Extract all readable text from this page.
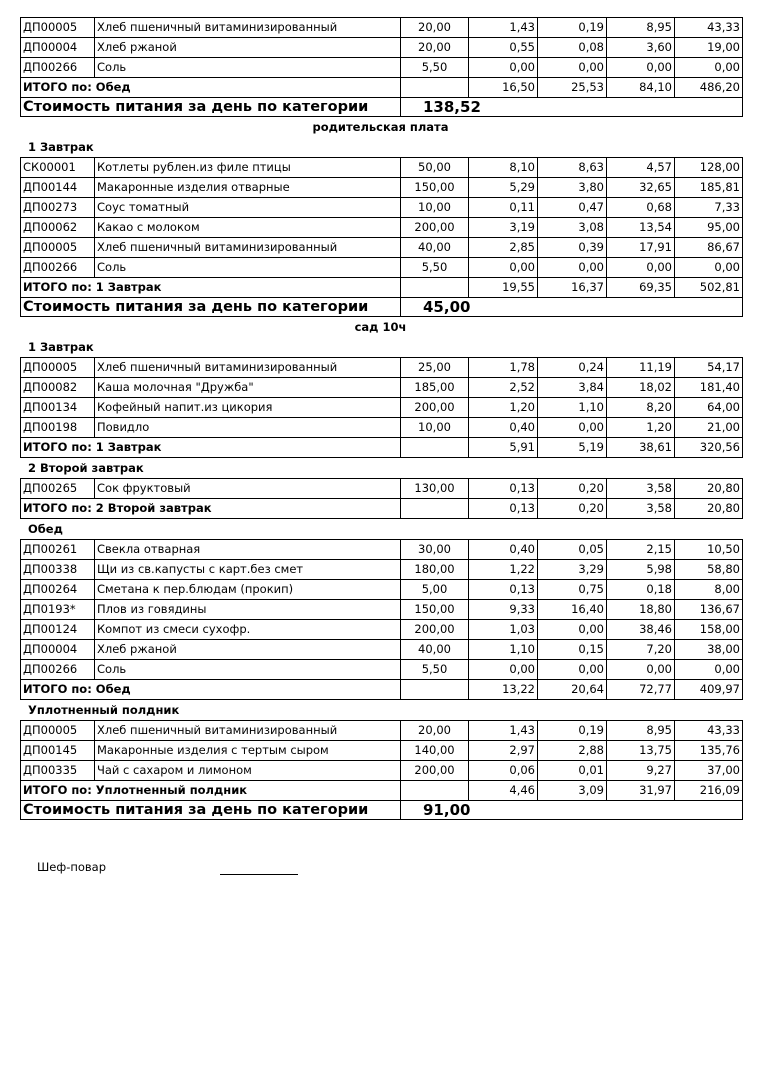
ДП00005	Хлеб пшеничный витаминизированный	20,00	1,43	0,19	8,95	43,33
ДП00004	Хлеб ржаной	20,00	0,55	0,08	3,60	19,00
ДП00266	Соль	5,50	0,00	0,00	0,00	0,00
ИТОГО по: Обед			16,50	25,53	84,10	486,20
Стоимость питания за день по категории		138,52				
родительская плата
1 Завтрак
СК00001	Котлеты рублен.из филе птицы	50,00	8,10	8,63	4,57	128,00
ДП00144	Макаронные изделия отварные	150,00	5,29	3,80	32,65	185,81
ДП00273	Соус томатный	10,00	0,11	0,47	0,68	7,33
ДП00062	Какао с молоком	200,00	3,19	3,08	13,54	95,00
ДП00005	Хлеб пшеничный витаминизированный	40,00	2,85	0,39	17,91	86,67
ДП00266	Соль	5,50	0,00	0,00	0,00	0,00
ИТОГО по: 1 Завтрак			19,55	16,37	69,35	502,81
Стоимость питания за день по категории		45,00				
сад 10ч
1 Завтрак
ДП00005	Хлеб пшеничный витаминизированный	25,00	1,78	0,24	11,19	54,17
ДП00082	Каша молочная "Дружба"	185,00	2,52	3,84	18,02	181,40
ДП00134	Кофейный напит.из цикория	200,00	1,20	1,10	8,20	64,00
ДП00198	Повидло	10,00	0,40	0,00	1,20	21,00
ИТОГО по: 1 Завтрак			5,91	5,19	38,61	320,56
2 Второй завтрак
ДП00265	Сок фруктовый	130,00	0,13	0,20	3,58	20,80
ИТОГО по: 2 Второй завтрак			0,13	0,20	3,58	20,80
Обед
ДП00261	Свекла отварная	30,00	0,40	0,05	2,15	10,50
ДП00338	Щи из св.капусты с карт.без смет	180,00	1,22	3,29	5,98	58,80
ДП00264	Сметана к пер.блюдам (прокип)	5,00	0,13	0,75	0,18	8,00
ДП0193*	Плов из говядины	150,00	9,33	16,40	18,80	136,67
ДП00124	Компот из смеси сухофр.	200,00	1,03	0,00	38,46	158,00
ДП00004	Хлеб ржаной	40,00	1,10	0,15	7,20	38,00
ДП00266	Соль	5,50	0,00	0,00	0,00	0,00
ИТОГО по: Обед			13,22	20,64	72,77	409,97
Уплотненный полдник
ДП00005	Хлеб пшеничный витаминизированный	20,00	1,43	0,19	8,95	43,33
ДП00145	Макаронные изделия с тертым сыром	140,00	2,97	2,88	13,75	135,76
ДП00335	Чай с сахаром и лимоном	200,00	0,06	0,01	9,27	37,00
ИТОГО по: Уплотненный полдник			4,46	3,09	31,97	216,09
Стоимость питания за день по категории		91,00				
Шеф-повар
